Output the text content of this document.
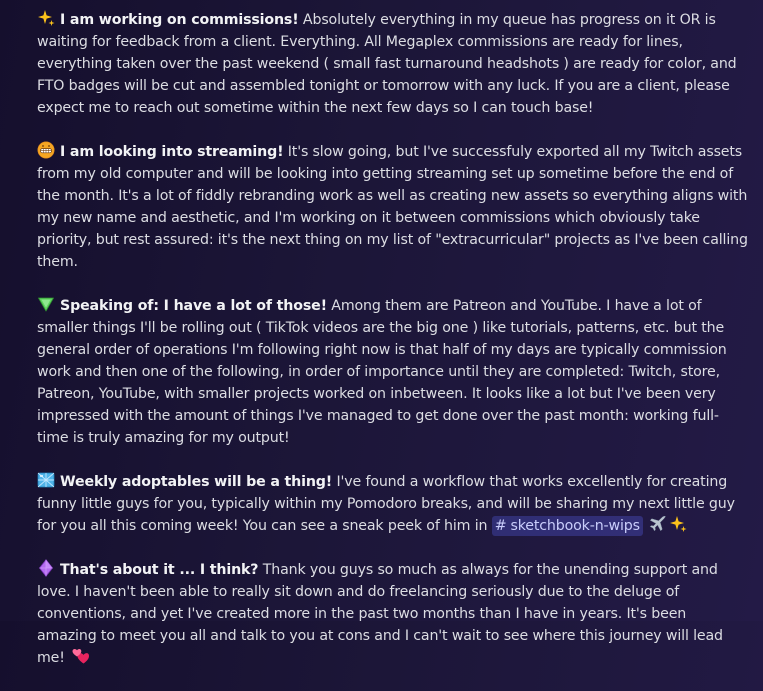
I am working on commissions! Absolutely everything in my queue has progress on it OR is waiting for feedback from a client. Everything. All Megaplex commissions are ready for lines, everything taken over the past weekend ( small fast turnaround headshots ) are ready for color, and FTO badges will be cut and assembled tonight or tomorrow with any luck. If you are a client, please expect me to reach out sometime within the next few days so I can touch base!

I am looking into streaming! It's slow going, but I've successfuly exported all my Twitch assets from my old computer and will be looking into getting streaming set up sometime before the end of the month. It's a lot of fiddly rebranding work as well as creating new assets so everything aligns with my new name and aesthetic, and I'm working on it between commissions which obviously take priority, but rest assured: it's the next thing on my list of "extracurricular" projects as I've been calling them.

Speaking of: I have a lot of those! Among them are Patreon and YouTube. I have a lot of smaller things I'll be rolling out ( TikTok videos are the big one ) like tutorials, patterns, etc. but the general order of operations I'm following right now is that half of my days are typically commission work and then one of the following, in order of importance until they are completed: Twitch, store, Patreon, YouTube, with smaller projects worked on inbetween. It looks like a lot but I've been very impressed with the amount of things I've managed to get done over the past month: working full-time is truly amazing for my output!

Weekly adoptables will be a thing! I've found a workflow that works excellently for creating funny little guys for you, typically within my Pomodoro breaks, and will be sharing my next little guy for you all this coming week! You can see a sneak peek of him in # sketchbook-n-wips

That's about it ... I think? Thank you guys so much as always for the unending support and love. I haven't been able to really sit down and do freelancing seriously due to the deluge of conventions, and yet I've created more in the past two months than I have in years. It's been amazing to meet you all and talk to you at cons and I can't wait to see where this journey will lead me!
